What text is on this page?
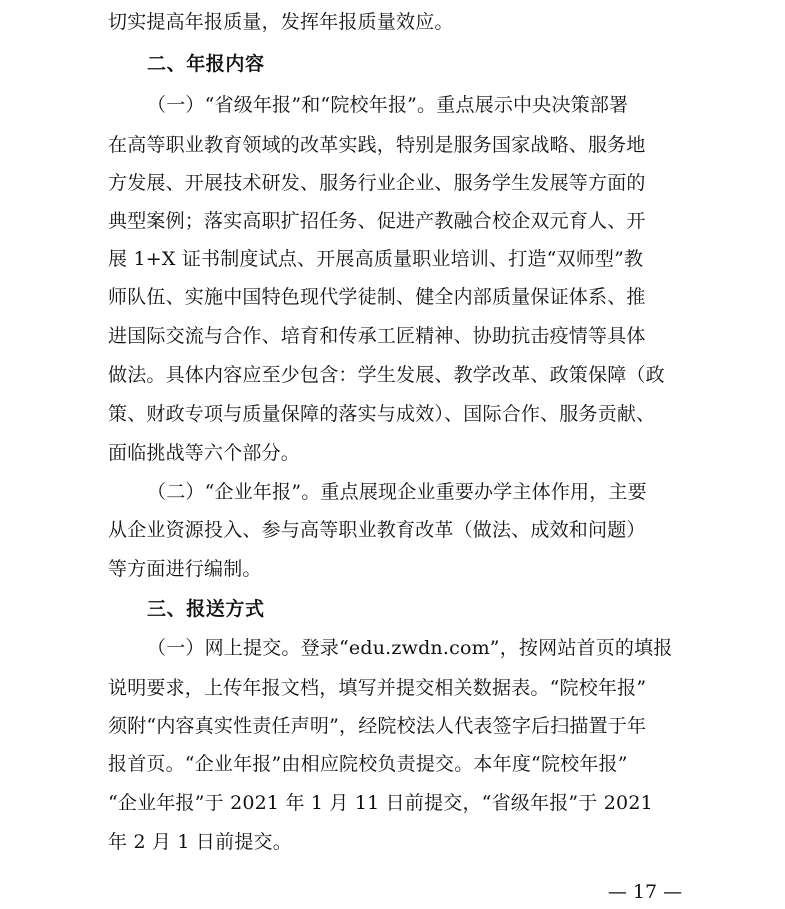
切实提高年报质量，发挥年报质量效应。
二、年报内容
（一）“省级年报”和“院校年报”。重点展示中央决策部署
在高等职业教育领域的改革实践，特别是服务国家战略、服务地
方发展、开展技术研发、服务行业企业、服务学生发展等方面的
典型案例；落实高职扩招任务、促进产教融合校企双元育人、开
展 1+X 证书制度试点、开展高质量职业培训、打造“双师型”教
师队伍、实施中国特色现代学徒制、健全内部质量保证体系、推
进国际交流与合作、培育和传承工匠精神、协助抗击疫情等具体
做法。具体内容应至少包含：学生发展、教学改革、政策保障（政
策、财政专项与质量保障的落实与成效）、国际合作、服务贡献、
面临挑战等六个部分。
（二）“企业年报”。重点展现企业重要办学主体作用，主要
从企业资源投入、参与高等职业教育改革（做法、成效和问题）
等方面进行编制。
三、报送方式
（一）网上提交。登录“edu.zwdn.com”，按网站首页的填报
说明要求，上传年报文档，填写并提交相关数据表。“院校年报”
须附“内容真实性责任声明”，经院校法人代表签字后扫描置于年
报首页。“企业年报”由相应院校负责提交。本年度“院校年报”
“企业年报”于 2021 年 1 月 11 日前提交，“省级年报”于 2021
年 2 月 1 日前提交。
— 17 —
